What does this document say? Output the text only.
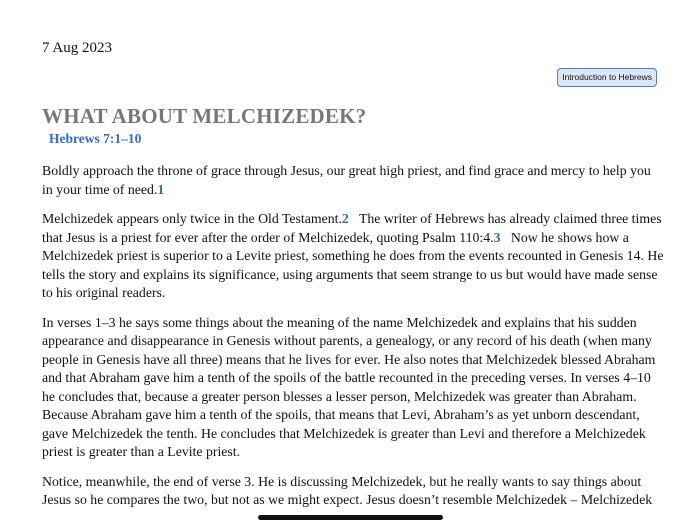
7 Aug 2023
Introduction to Hebrews
WHAT ABOUT MELCHIZEDEK?
Hebrews 7:1–10

Boldly approach the throne of grace through Jesus, our great high priest, and find grace and mercy to help you in your time of need.1

Melchizedek appears only twice in the Old Testament.2 The writer of Hebrews has already claimed three times that Jesus is a priest for ever after the order of Melchizedek, quoting Psalm 110:4.3 Now he shows how a Melchizedek priest is superior to a Levite priest, something he does from the events recounted in Genesis 14. He tells the story and explains its significance, using arguments that seem strange to us but would have made sense to his original readers.

In verses 1–3 he says some things about the meaning of the name Melchizedek and explains that his sudden appearance and disappearance in Genesis without parents, a genealogy, or any record of his death (when many people in Genesis have all three) means that he lives for ever. He also notes that Melchizedek blessed Abraham and that Abraham gave him a tenth of the spoils of the battle recounted in the preceding verses. In verses 4–10 he concludes that, because a greater person blesses a lesser person, Melchizedek was greater than Abraham. Because Abraham gave him a tenth of the spoils, that means that Levi, Abraham’s as yet unborn descendant, gave Melchizedek the tenth. He concludes that Melchizedek is greater than Levi and therefore a Melchizedek priest is greater than a Levite priest.

Notice, meanwhile, the end of verse 3. He is discussing Melchizedek, but he really wants to say things about Jesus so he compares the two, but not as we might expect. Jesus doesn’t resemble Melchizedek – Melchizedek
